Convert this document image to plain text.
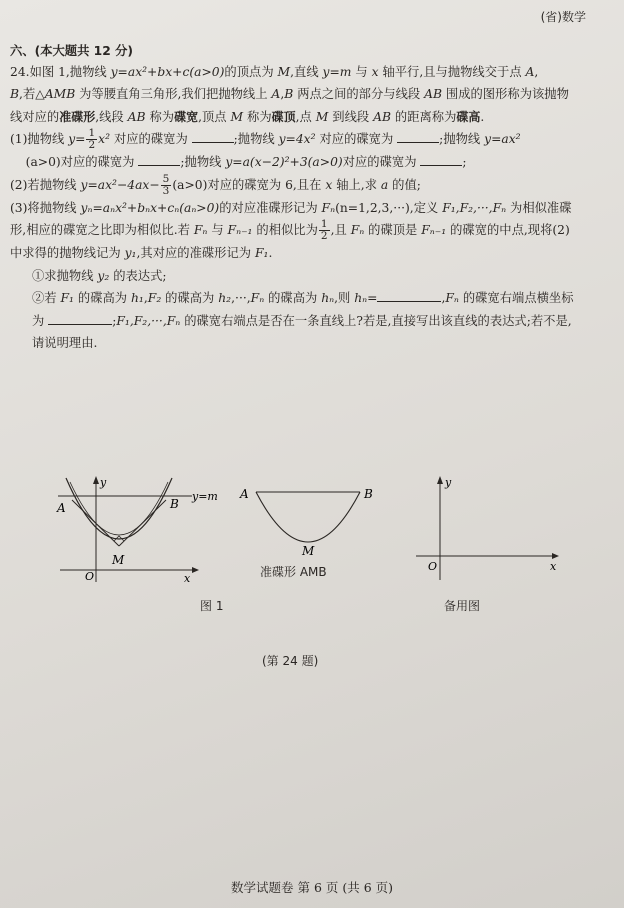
(省)数学
六、(本大题共 12 分)

24.如图 1,抛物线 y=ax²+bx+c(a>0)的顶点为 M,直线 y=m 与 x 轴平行,且与抛物线交于点 A,
B,若△AMB 为等腰直角三角形,我们把抛物线上 A,B 两点之间的部分与线段 AB 围成的图形称为该抛物线对应的准碟形,线段 AB 称为碟宽,顶点 M 称为碟顶,点 M 到线段 AB 的距离称为碟高.

(1)抛物线 $y= \frac{1}{2} x^2$ 对应的碟宽为	;抛物线 y=4x² 对应的碟宽为	;抛物线 y=ax²
(a>0)对应的碟宽为	;抛物线 y=a(x−2)²+3(a>0)对应的碟宽为	;

(2)若抛物线 $y=ax^2-4ax- \frac{5}{3} (a>0)$对应的碟宽为 6,且在 x 轴上,求 a 的值;

(3)将抛物线 yₙ=aₙx²+bₙx+cₙ(aₙ>0)的对应准碟形记为 Fₙ(n=1,2,3,···),定义 F₁,F₂,···,Fₙ 为相似准碟形,相应的碟宽之比即为相似比.若 Fₙ 与 Fₙ₋₁ 的相似比为 $\frac{1}{2}$ ,且 Fₙ 的碟顶是 Fₙ₋₁ 的碟宽的中点,现将(2)中求得的抛物线记为 y₁,其对应的准碟形记为 F₁.

①求抛物线 y₂ 的表达式;

②若 F₁ 的碟高为 h₁,F₂ 的碟高为 h₂,···,Fₙ 的碟高为 hₙ,则 hₙ=	,Fₙ 的碟宽右端点横坐标为	;F₁,F₂,···,Fₙ 的碟宽右端点是否在一条直线上?若是,直接写出该直线的表达式;若不是,请说明理由.

y
A	B
y=m
M
O	x
图 1
A	B
M
准碟形 AMB
y
O	x
备用图
(第 24 题)
数学试题卷 第 6 页 (共 6 页)
